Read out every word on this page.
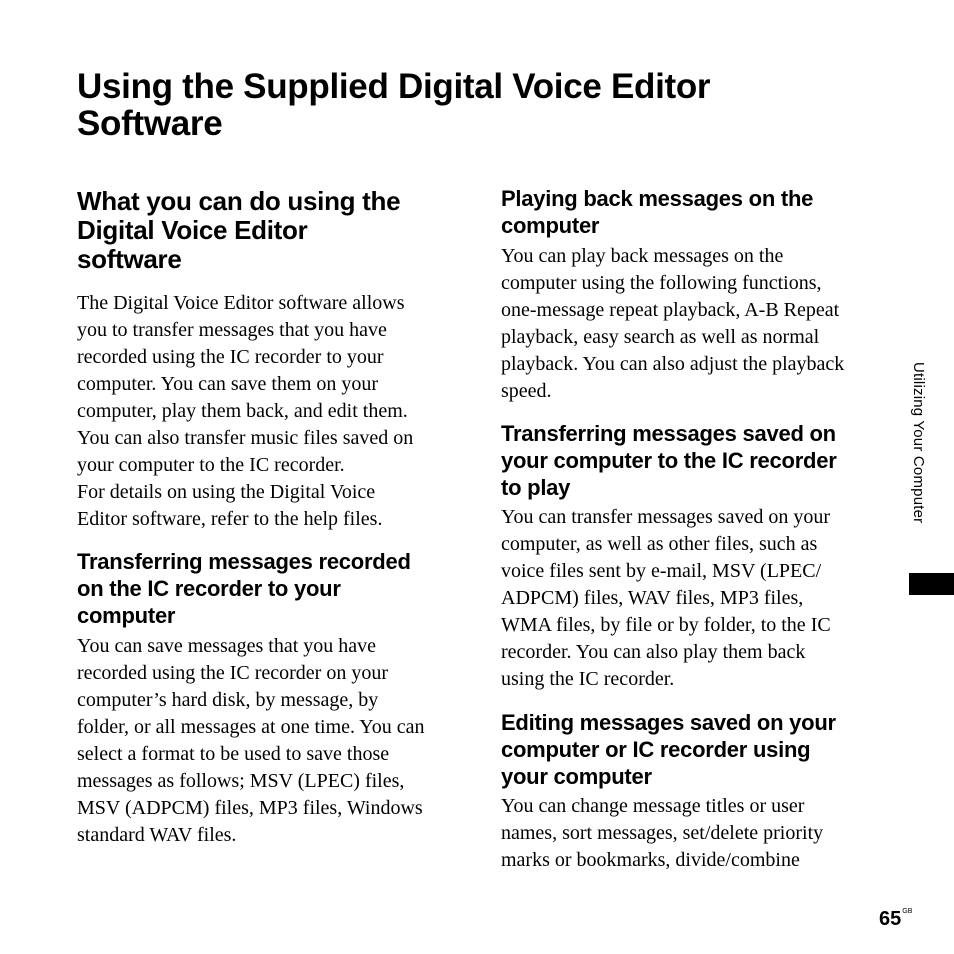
Using the Supplied Digital Voice Editor
Software
What you can do using the
Digital Voice Editor
software
The Digital Voice Editor software allows
you to transfer messages that you have
recorded using the IC recorder to your
computer. You can save them on your
computer, play them back, and edit them.
You can also transfer music files saved on
your computer to the IC recorder.
For details on using the Digital Voice
Editor software, refer to the help files.
Transferring messages recorded
on the IC recorder to your
computer
You can save messages that you have
recorded using the IC recorder on your
computer’s hard disk, by message, by
folder, or all messages at one time. You can
select a format to be used to save those
messages as follows; MSV (LPEC) files,
MSV (ADPCM) files, MP3 files, Windows
standard WAV files.
Playing back messages on the
computer
You can play back messages on the
computer using the following functions,
one-message repeat playback, A-B Repeat
playback, easy search as well as normal
playback. You can also adjust the playback
speed.
Transferring messages saved on
your computer to the IC recorder
to play
You can transfer messages saved on your
computer, as well as other files, such as
voice files sent by e-mail, MSV (LPEC/
ADPCM) files, WAV files, MP3 files,
WMA files, by file or by folder, to the IC
recorder. You can also play them back
using the IC recorder.
Editing messages saved on your
computer or IC recorder using
your computer
You can change message titles or user
names, sort messages, set/delete priority
marks or bookmarks, divide/combine
Utilizing Your Computer
$65^{GB}$
